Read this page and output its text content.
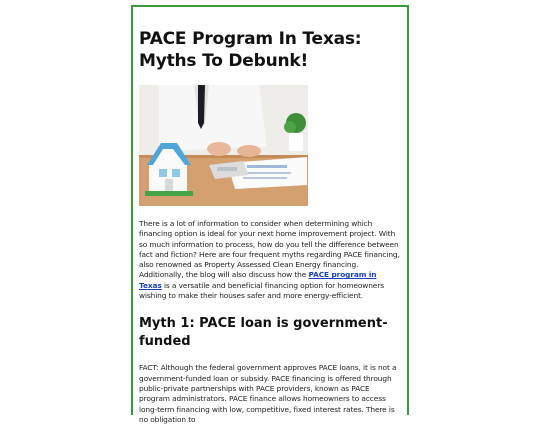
PACE Program In Texas: Myths To Debunk!

There is a lot of information to consider when determining which financing option is ideal for your next home improvement project. With so much information to process, how do you tell the difference between fact and fiction? Here are four frequent myths regarding PACE financing, also renowned as Property Assessed Clean Energy financing. Additionally, the blog will also discuss how the PACE program in Texas is a versatile and beneficial financing option for homeowners wishing to make their houses safer and more energy-efficient.

Myth 1: PACE loan is government-funded

FACT: Although the federal government approves PACE loans, it is not a government-funded loan or subsidy. PACE financing is offered through public-private partnerships with PACE providers, known as PACE program administrators. PACE finance allows homeowners to access long-term financing with low, competitive, fixed interest rates. There is no obligation to
